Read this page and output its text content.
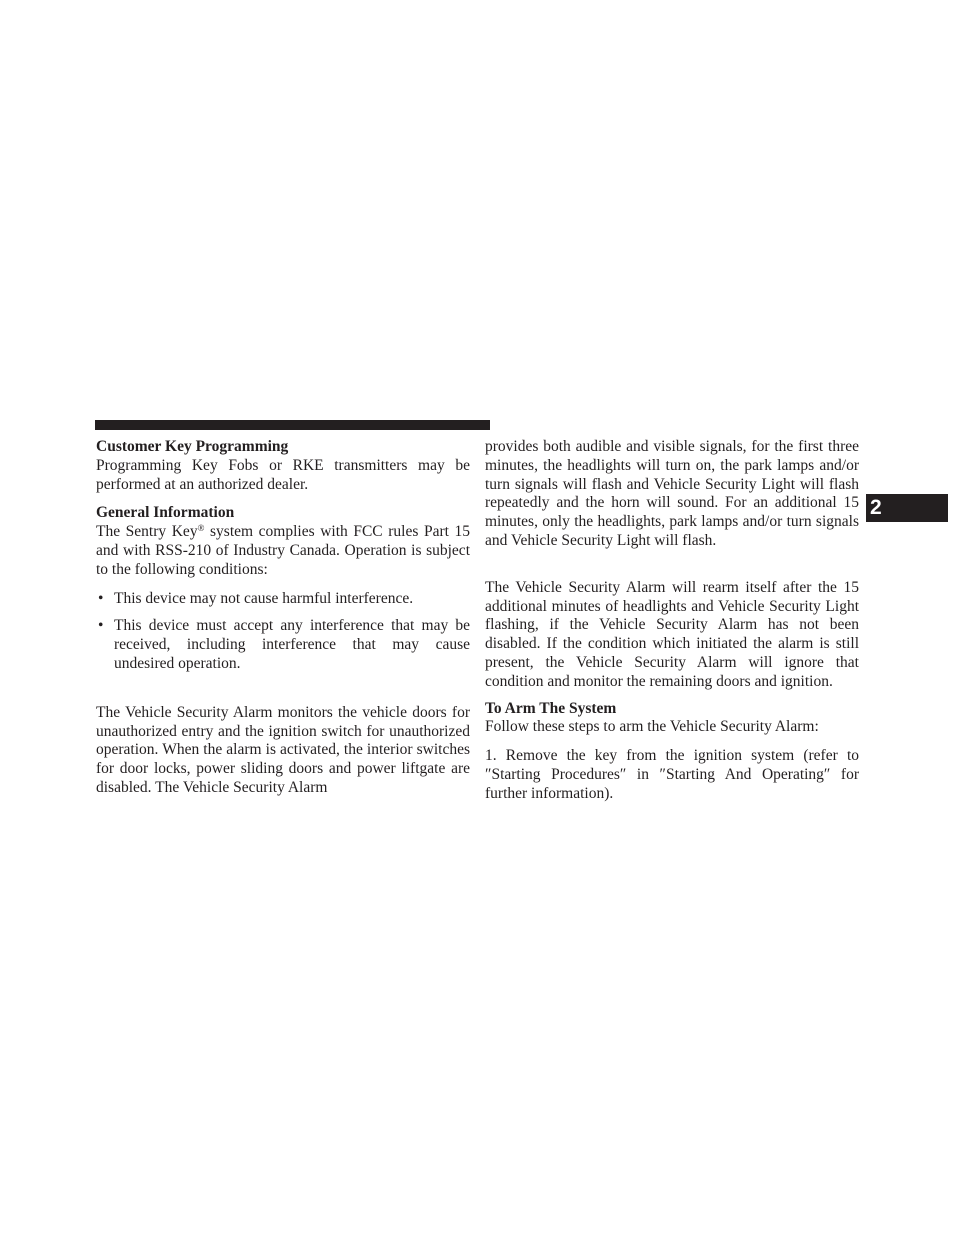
Customer Key Programming

Programming Key Fobs or RKE transmitters may be performed at an authorized dealer.

General Information

The Sentry Key® system complies with FCC rules Part 15 and with RSS-210 of Industry Canada. Operation is subject to the following conditions:

• This device may not cause harmful interference.
• This device must accept any interference that may be received, including interference that may cause undesired operation.

The Vehicle Security Alarm monitors the vehicle doors for unauthorized entry and the ignition switch for unauthorized operation. When the alarm is activated, the interior switches for door locks, power sliding doors and power liftgate are disabled. The Vehicle Security Alarm

provides both audible and visible signals, for the first three minutes, the headlights will turn on, the park lamps and/or turn signals will flash and Vehicle Security Light will flash repeatedly and the horn will sound. For an additional 15 minutes, only the headlights, park lamps and/or turn signals and Vehicle Security Light will flash.

The Vehicle Security Alarm will rearm itself after the 15 additional minutes of headlights and Vehicle Security Light flashing, if the Vehicle Security Alarm has not been disabled. If the condition which initiated the alarm is still present, the Vehicle Security Alarm will ignore that condition and monitor the remaining doors and ignition.

To Arm The System

Follow these steps to arm the Vehicle Security Alarm:

1. Remove the key from the ignition system (refer to ″Starting Procedures″ in ″Starting And Operating″ for further information).

2
